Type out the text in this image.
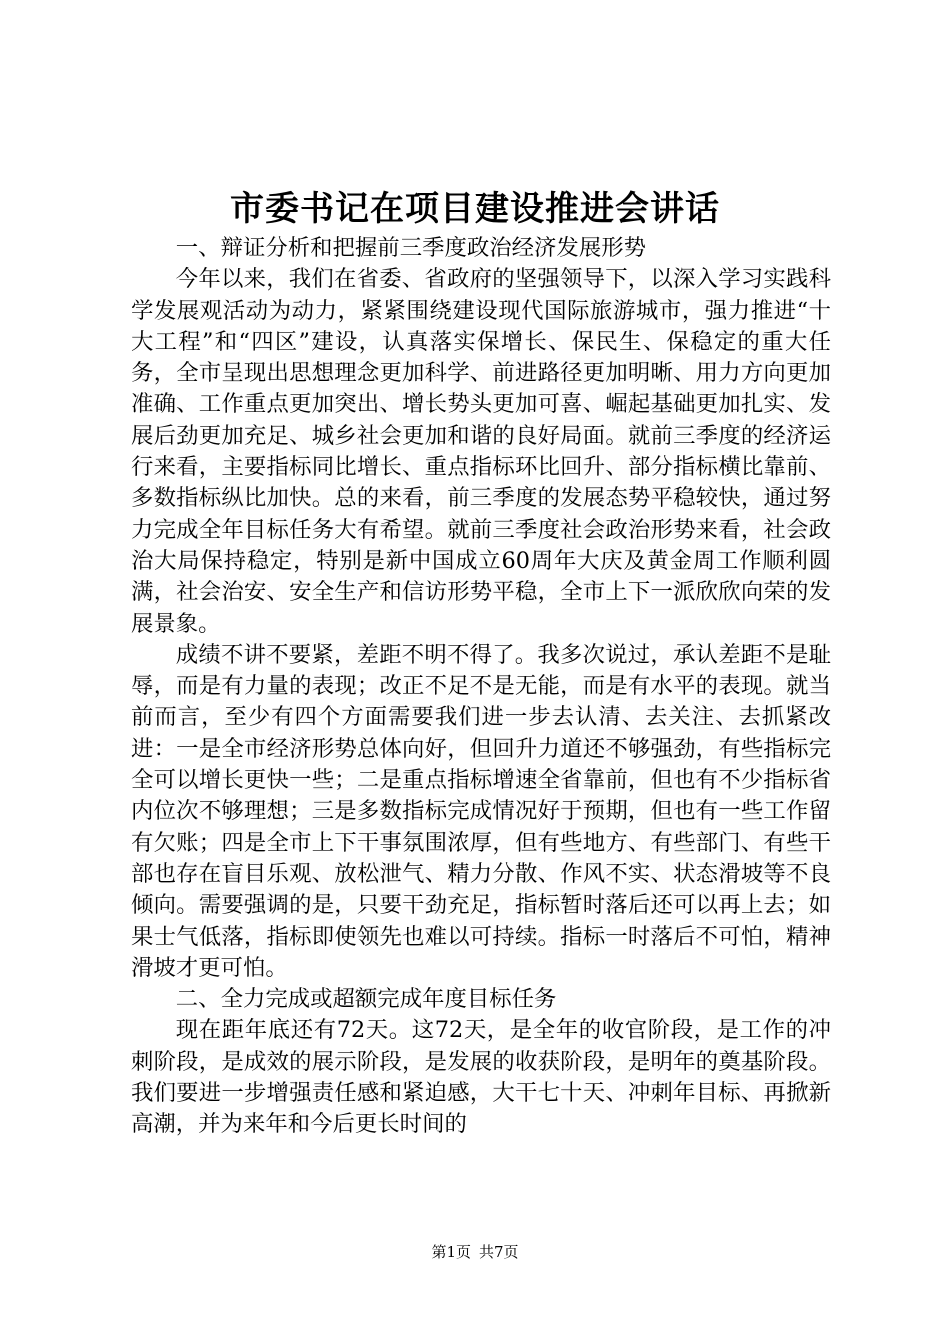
市委书记在项目建设推进会讲话

一、辩证分析和把握前三季度政治经济发展形势

今年以来，我们在省委、省政府的坚强领导下，以深入学习实践科学发展观活动为动力，紧紧围绕建设现代国际旅游城市，强力推进“十大工程”和“四区”建设，认真落实保增长、保民生、保稳定的重大任务，全市呈现出思想理念更加科学、前进路径更加明晰、用力方向更加准确、工作重点更加突出、增长势头更加可喜、崛起基础更加扎实、发展后劲更加充足、城乡社会更加和谐的良好局面。就前三季度的经济运行来看，主要指标同比增长、重点指标环比回升、部分指标横比靠前、多数指标纵比加快。总的来看，前三季度的发展态势平稳较快，通过努力完成全年目标任务大有希望。就前三季度社会政治形势来看，社会政治大局保持稳定，特别是新中国成立60周年大庆及黄金周工作顺利圆满，社会治安、安全生产和信访形势平稳，全市上下一派欣欣向荣的发展景象。

成绩不讲不要紧，差距不明不得了。我多次说过，承认差距不是耻辱，而是有力量的表现；改正不足不是无能，而是有水平的表现。就当前而言，至少有四个方面需要我们进一步去认清、去关注、去抓紧改进：一是全市经济形势总体向好，但回升力道还不够强劲，有些指标完全可以增长更快一些；二是重点指标增速全省靠前，但也有不少指标省内位次不够理想；三是多数指标完成情况好于预期，但也有一些工作留有欠账；四是全市上下干事氛围浓厚，但有些地方、有些部门、有些干部也存在盲目乐观、放松泄气、精力分散、作风不实、状态滑坡等不良倾向。需要强调的是，只要干劲充足，指标暂时落后还可以再上去；如果士气低落，指标即使领先也难以可持续。指标一时落后不可怕，精神滑坡才更可怕。

二、全力完成或超额完成年度目标任务

现在距年底还有72天。这72天，是全年的收官阶段，是工作的冲刺阶段，是成效的展示阶段，是发展的收获阶段，是明年的奠基阶段。我们要进一步增强责任感和紧迫感，大干七十天、冲刺年目标、再掀新高潮，并为来年和今后更长时间的

第1页 共7页
